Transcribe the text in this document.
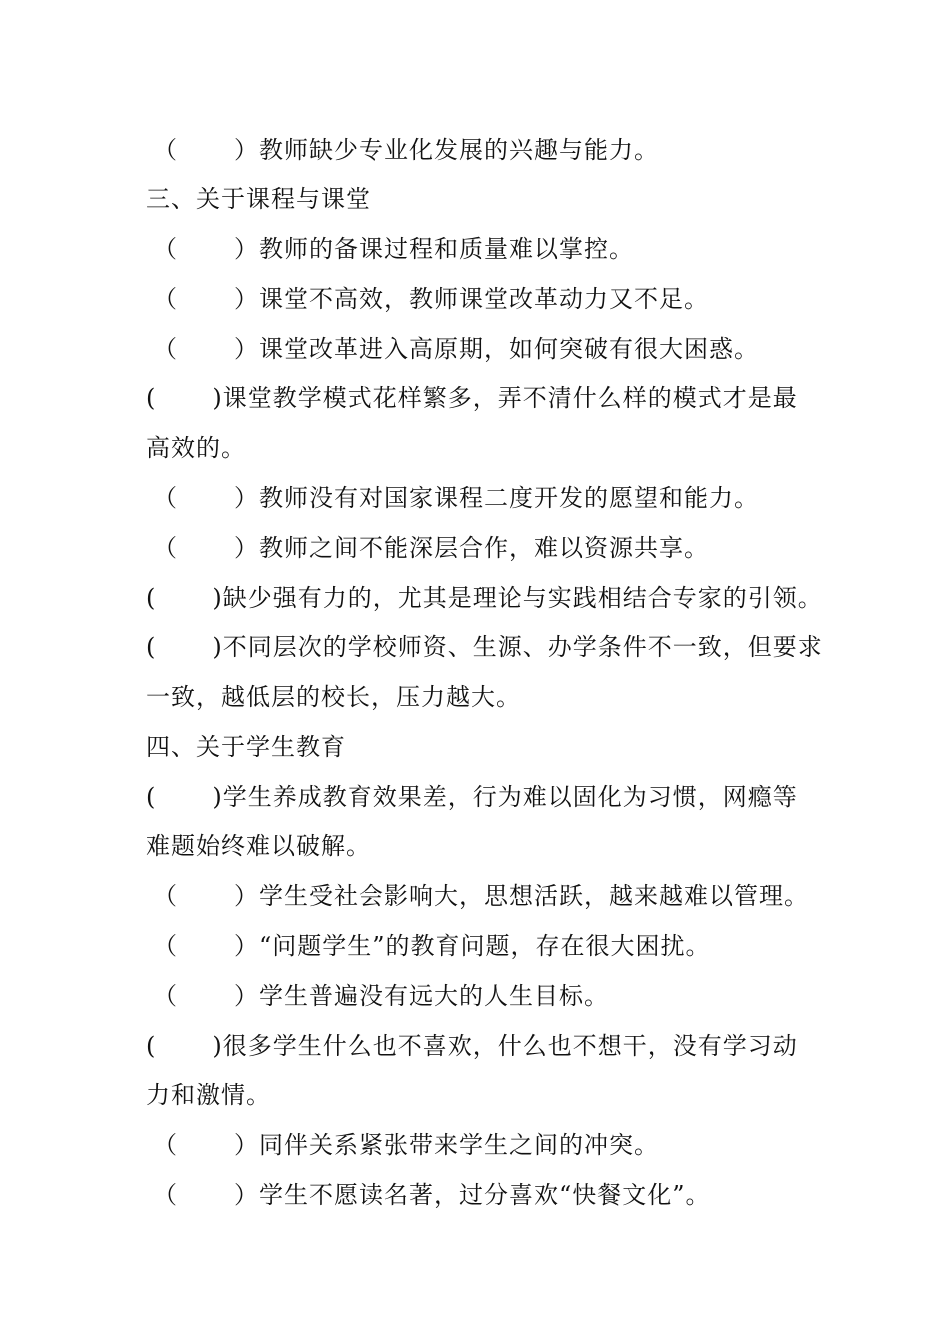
（ ）教师缺少专业化发展的兴趣与能力。
三、关于课程与课堂
（ ）教师的备课过程和质量难以掌控。
（ ）课堂不高效，教师课堂改革动力又不足。
（ ）课堂改革进入高原期，如何突破有很大困惑。
( )课堂教学模式花样繁多，弄不清什么样的模式才是最
高效的。
（ ）教师没有对国家课程二度开发的愿望和能力。
（ ）教师之间不能深层合作，难以资源共享。
( )缺少强有力的，尤其是理论与实践相结合专家的引领。
( )不同层次的学校师资、生源、办学条件不一致，但要求
一致，越低层的校长，压力越大。
四、关于学生教育
( )学生养成教育效果差，行为难以固化为习惯，网瘾等
难题始终难以破解。
（ ）学生受社会影响大，思想活跃，越来越难以管理。
（ ）“问题学生”的教育问题，存在很大困扰。
（ ）学生普遍没有远大的人生目标。
( )很多学生什么也不喜欢，什么也不想干，没有学习动
力和激情。
（ ）同伴关系紧张带来学生之间的冲突。
（ ）学生不愿读名著，过分喜欢“快餐文化”。
